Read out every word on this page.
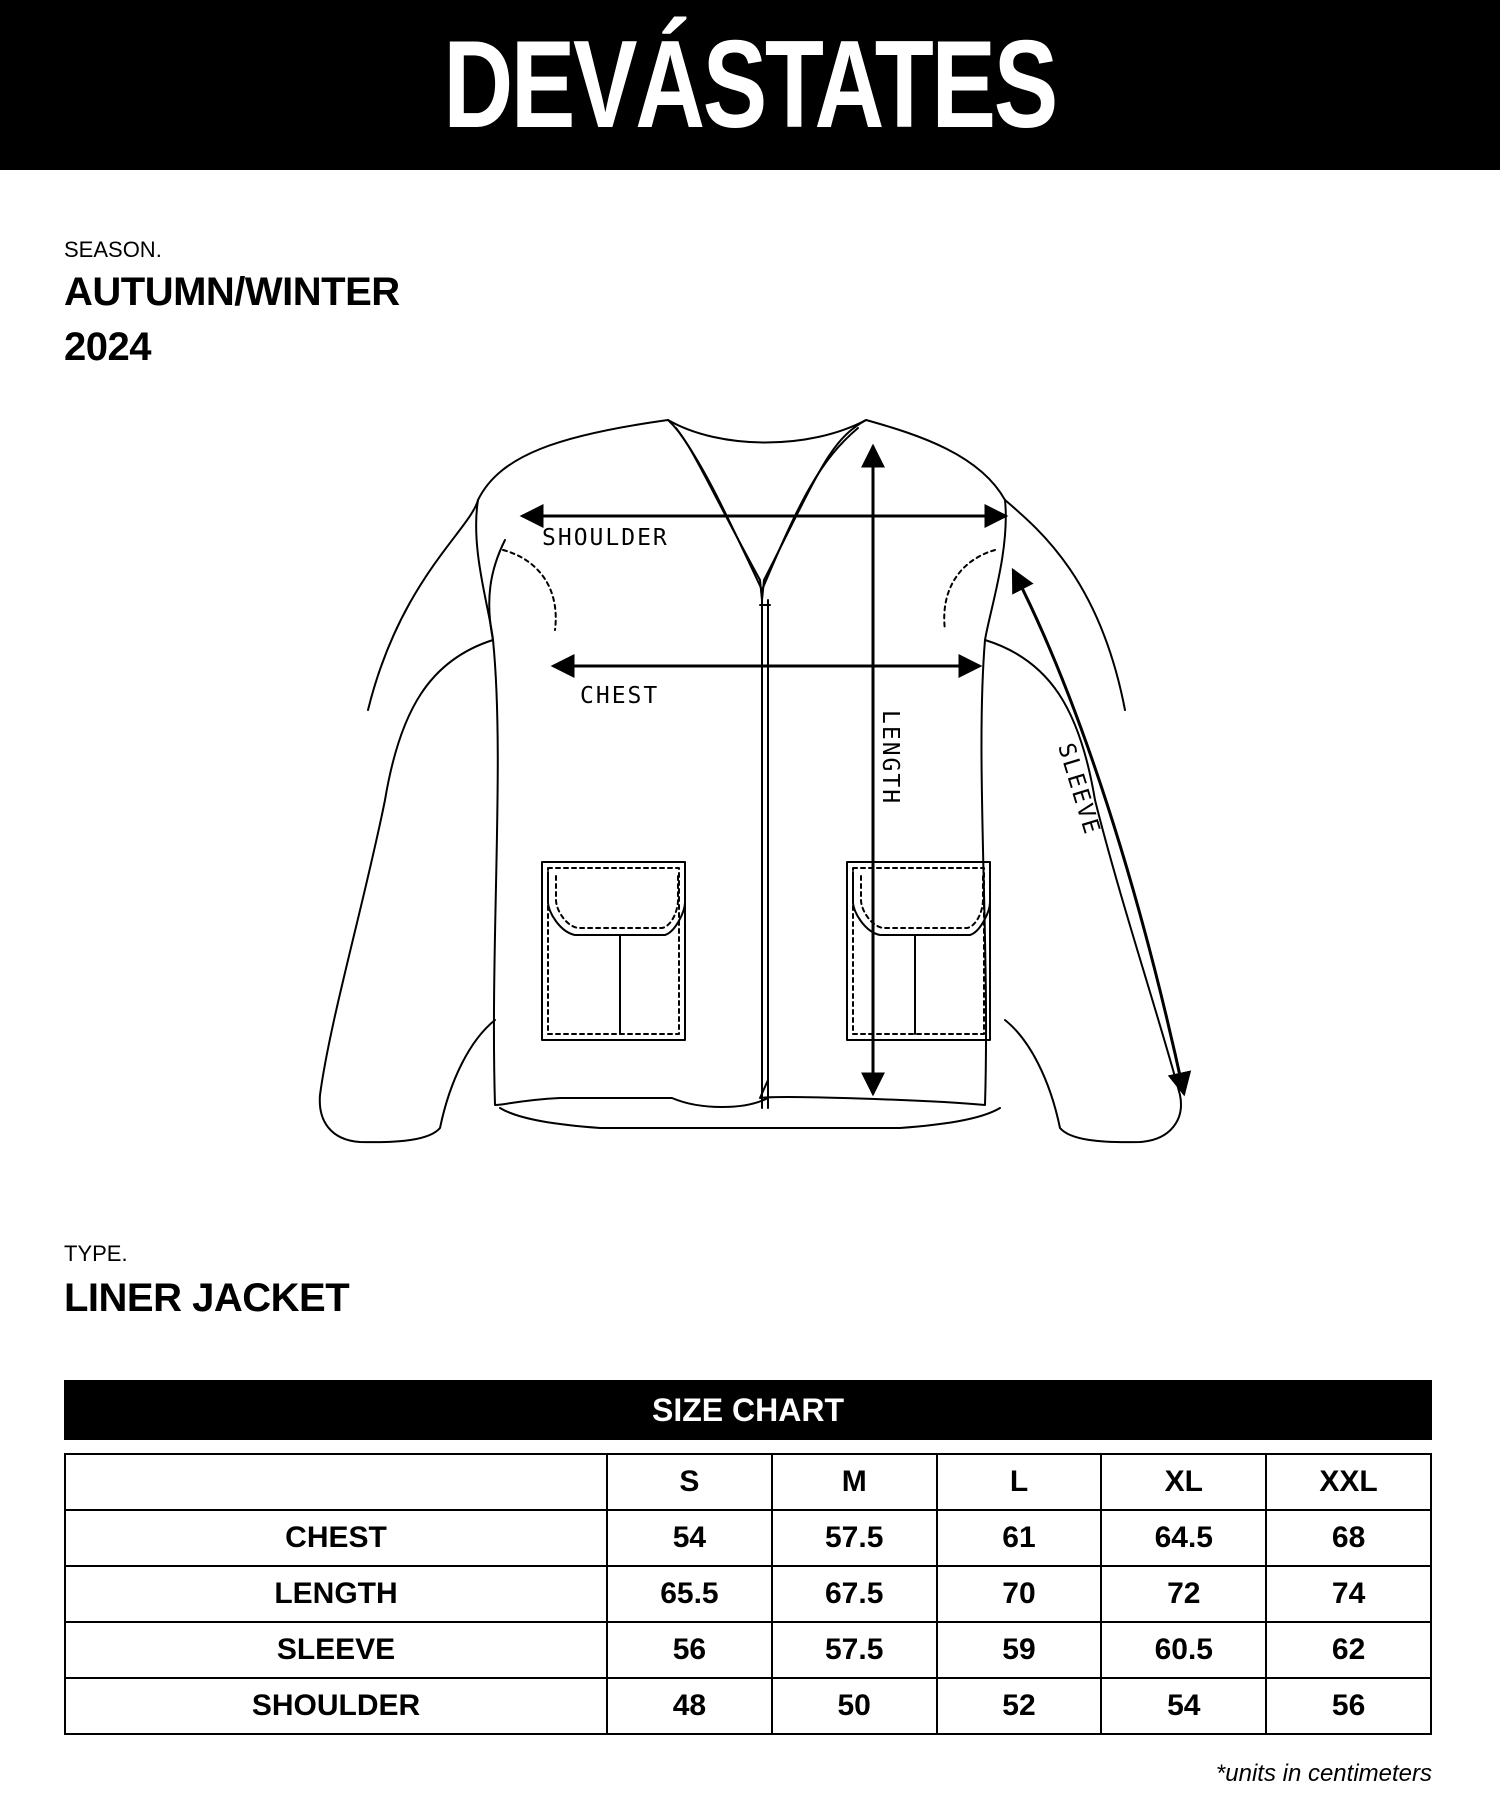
DEVÁSTATES
SEASON.
AUTUMN/WINTER
2024
SHOULDER
CHEST
LENGTH	SLEEVE
TYPE.
LINER JACKET
SIZE CHART
	S	M	L	XL	XXL
CHEST	54	57.5	61	64.5	68
LENGTH	65.5	67.5	70	72	74
SLEEVE	56	57.5	59	60.5	62
SHOULDER	48	50	52	54	56
*units in centimeters
